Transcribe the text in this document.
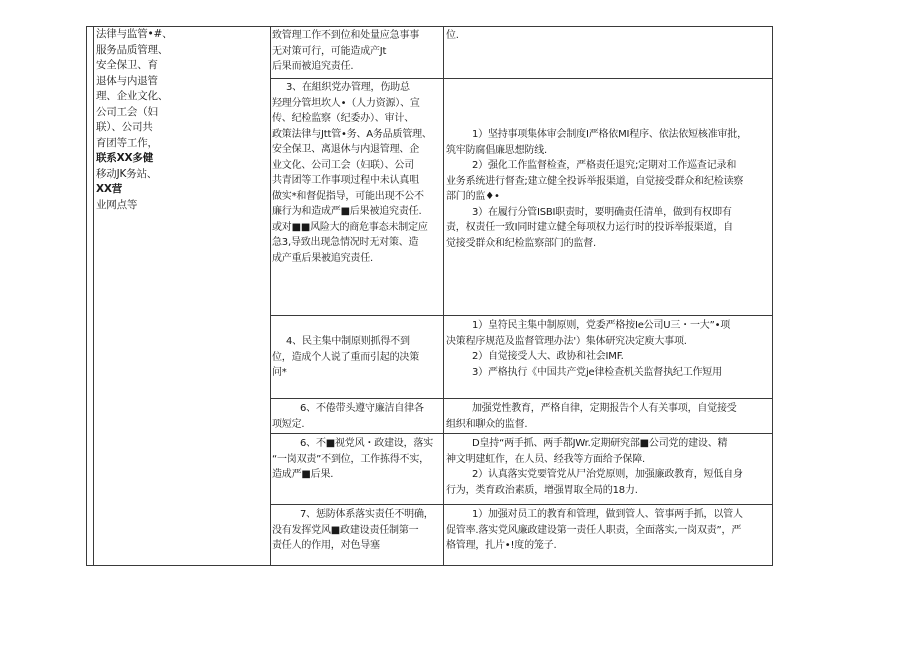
法律与监管•#、
服务品质管理、
安全保卫、育
退体与内退管
理、企业文化、
公司工会（妇
联）、公司共
育团等工作，
联系XX多健
移动JK务站、
XX营
业网点等
致管理工作不到位和处量应急事事
无对策可行，可能造成产Jt
后果而被追究责任.
位.
3、在組织党办管理，伤助总
羟理分管坦坎人•（人力资源）、宣
传、纪检监察（纪委办）、审计、
政策法律与Jtt管•务、A务品质管理、
安全保卫、离退休与内退管理、企
业文化、公司工会（妇联）、公司
共青团等工作事项过程中未认真咀
做实*和督促指导，可能出现不公不
廉行为和造成严■后果被追究责任.
或对■■风险大的商危事态未制定应
急3,导致出现急情况时无对策、造
成产重后果被追究责任.
1）坚持事项集体审会制度I严格依MI程序、依法依短核准审批，
筑牢防腐倡廉思想防线.
2）强化工作监督检查，严格责任退究;定期对工作巡查记录和
业务系统进行督查;建立健全投诉举报渠道，自觉接受群众和纪检读察
部门的监♦•
3）在履行分管ISBI职责时，要明确责任清单，做到有权即有
责，权责任一致I同时建立健全每项权力运行时的投诉举报渠道，自
觉接受群众和纪检监察部门的监督.
4、民主集中制原则抓得不到
位，造成个人说了重而引起的决策
问*
1）皇符民主集中制原则，党委严格按Ie公司U三・一大”•项
决策程序规范及监督管理办法'）集体研究决定庾大事项.
2）自觉接受人大、政协和社会IMF.
3）严格执行《中国共产党je律检查机关监督执纪工作短用
6、不倦带头遵守廉洁自律各
项短定.
加强党性教育，严格自律，定期报告个人有关事项，自觉接受
组织和聊众的监督.
6、不■视党风・政建设，落实
“一岗双责”不到位，工作拣得不实，
造成严■后果.
D皇持“两手抓、两手都JWr.定期研究部■公司党的建设、精
神文明建虹作，在人员、经我等方面给予保障.
2）认真落实党要管党从尸治党原则，加强廉政教育，短低自身
行为，类育政治素质，增强胃取全局的18力.
7、惩防体系落实责任不明确，
没有发挥党风■政建设责任制第一
责任人的作用，对色导塞
1）加强对员工的教育和管理，做到管人、管事两手抓，以管人
促管率.落实党风廉政建设第一责任人职责，全面落实,一岗双责”，严
格管理，扎片•!度的笼子.
